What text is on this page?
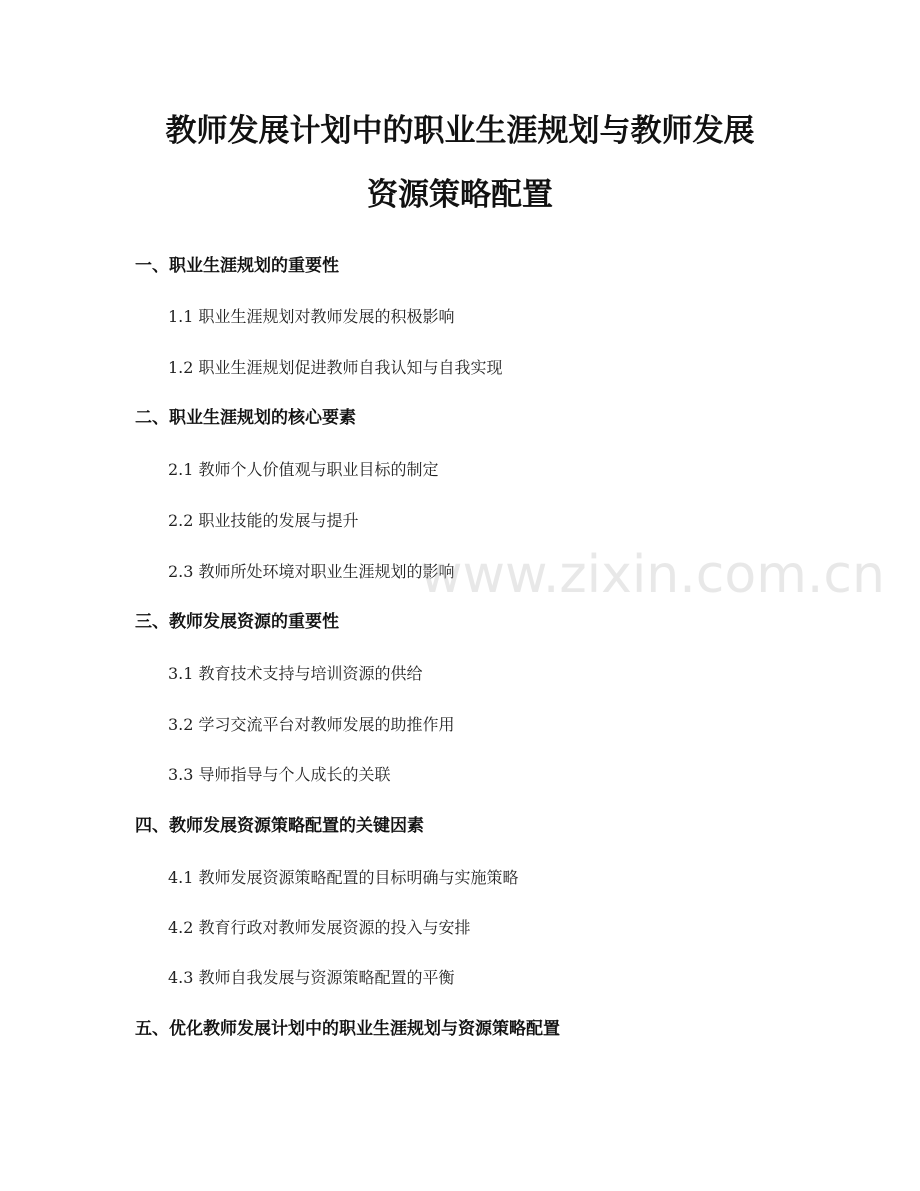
教师发展计划中的职业生涯规划与教师发展
资源策略配置
一、职业生涯规划的重要性
1.1 职业生涯规划对教师发展的积极影响
1.2 职业生涯规划促进教师自我认知与自我实现
二、职业生涯规划的核心要素
2.1 教师个人价值观与职业目标的制定
2.2 职业技能的发展与提升
2.3 教师所处环境对职业生涯规划的影响
三、教师发展资源的重要性
3.1 教育技术支持与培训资源的供给
3.2 学习交流平台对教师发展的助推作用
3.3 导师指导与个人成长的关联
四、教师发展资源策略配置的关键因素
4.1 教师发展资源策略配置的目标明确与实施策略
4.2 教育行政对教师发展资源的投入与安排
4.3 教师自我发展与资源策略配置的平衡
五、优化教师发展计划中的职业生涯规划与资源策略配置
www.zixin.com.cn
